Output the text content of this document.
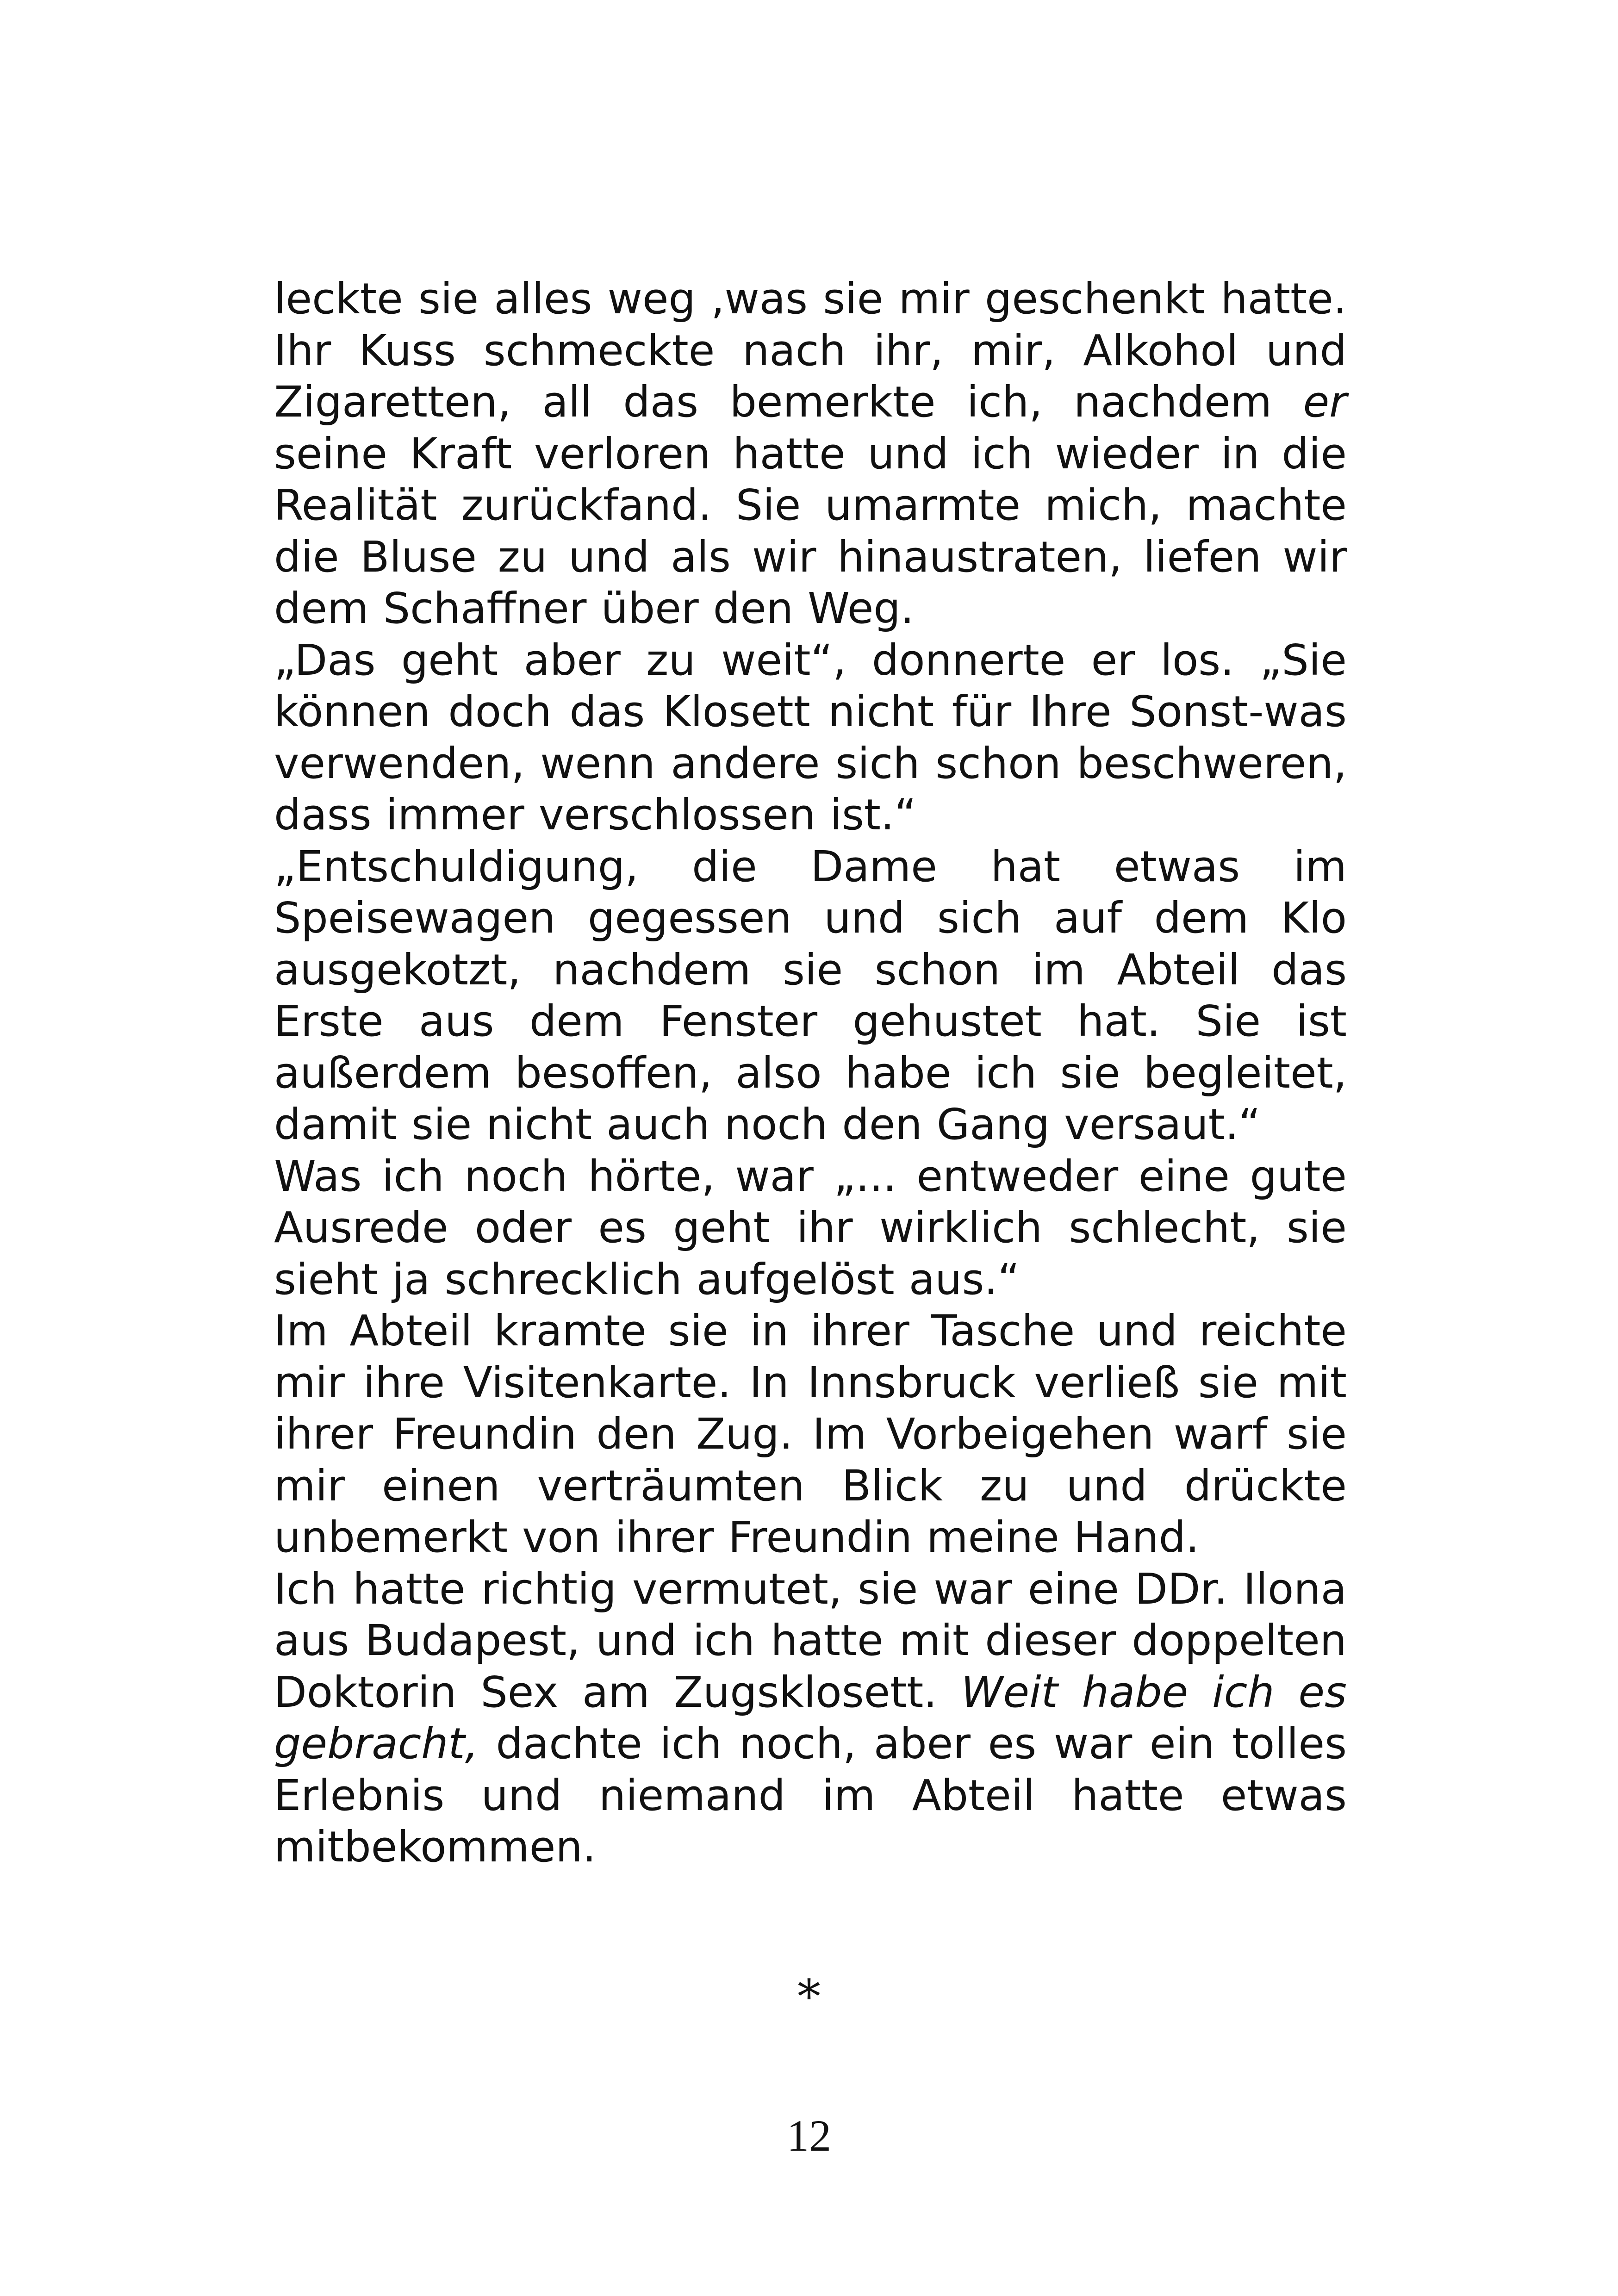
leckte sie alles weg ,was sie mir geschenkt hatte. Ihr Kuss schmeckte nach ihr, mir, Alkohol und Zigaretten, all das bemerkte ich, nachdem er seine Kraft verloren hatte und ich wieder in die Realität zurückfand. Sie umarmte mich, machte die Bluse zu und als wir hinaustraten, liefen wir dem Schaffner über den Weg.

„Das geht aber zu weit“, donnerte er los. „Sie können doch das Klosett nicht für Ihre Sonst-was verwenden, wenn andere sich schon beschweren, dass immer verschlossen ist.“

„Entschuldigung, die Dame hat etwas im Speisewagen gegessen und sich auf dem Klo ausgekotzt, nachdem sie schon im Abteil das Erste aus dem Fenster gehustet hat. Sie ist außerdem besoffen, also habe ich sie begleitet, damit sie nicht auch noch den Gang versaut.“

Was ich noch hörte, war „... entweder eine gute Ausrede oder es geht ihr wirklich schlecht, sie sieht ja schrecklich aufgelöst aus.“

Im Abteil kramte sie in ihrer Tasche und reichte mir ihre Visitenkarte. In Innsbruck verließ sie mit ihrer Freundin den Zug. Im Vorbeigehen warf sie mir einen verträumten Blick zu und drückte unbemerkt von ihrer Freundin meine Hand.

Ich hatte richtig vermutet, sie war eine DDr. Ilona aus Budapest, und ich hatte mit dieser doppelten Doktorin Sex am Zugsklosett. Weit habe ich es gebracht, dachte ich noch, aber es war ein tolles Erlebnis und niemand im Abteil hatte etwas mitbekommen.

*
12
